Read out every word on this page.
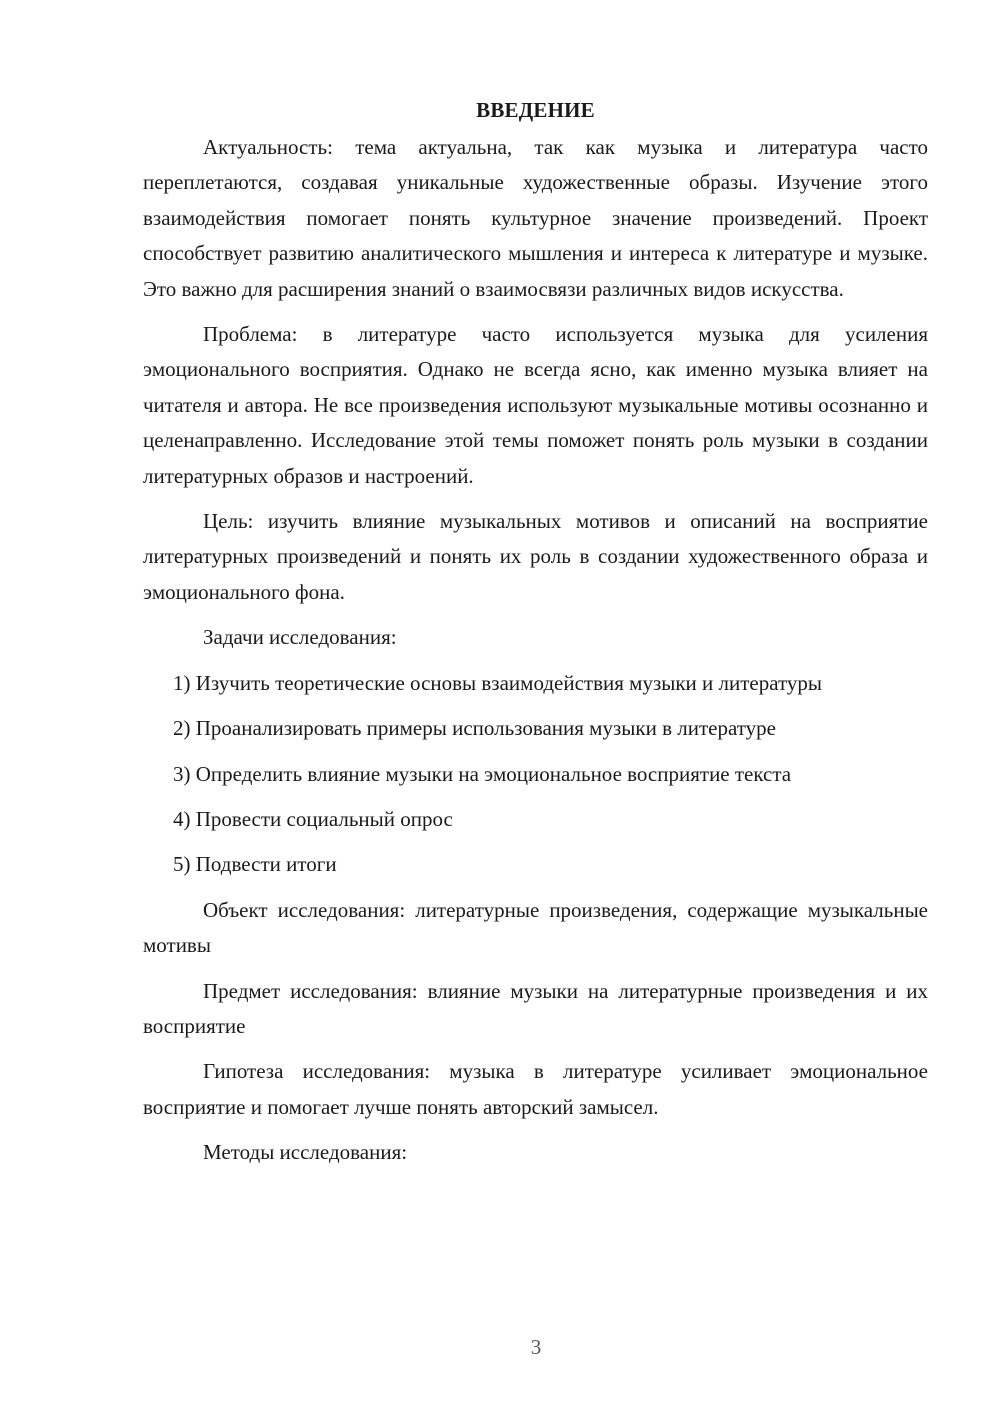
ВВЕДЕНИЕ

Актуальность: тема актуальна, так как музыка и литература часто переплетаются, создавая уникальные художественные образы. Изучение этого взаимодействия помогает понять культурное значение произведений. Проект способствует развитию аналитического мышления и интереса к литературе и музыке. Это важно для расширения знаний о взаимосвязи различных видов искусства.

Проблема: в литературе часто используется музыка для усиления эмоционального восприятия. Однако не всегда ясно, как именно музыка влияет на читателя и автора. Не все произведения используют музыкальные мотивы осознанно и целенаправленно. Исследование этой темы поможет понять роль музыки в создании литературных образов и настроений.

Цель: изучить влияние музыкальных мотивов и описаний на восприятие литературных произведений и понять их роль в создании художественного образа и эмоционального фона.

Задачи исследования:

1) Изучить теоретические основы взаимодействия музыки и литературы

2) Проанализировать примеры использования музыки в литературе

3) Определить влияние музыки на эмоциональное восприятие текста

4) Провести социальный опрос

5) Подвести итоги

Объект исследования: литературные произведения, содержащие музыкальные мотивы

Предмет исследования: влияние музыки на литературные произведения и их восприятие

Гипотеза исследования: музыка в литературе усиливает эмоциональное восприятие и помогает лучше понять авторский замысел.

Методы исследования:

3
